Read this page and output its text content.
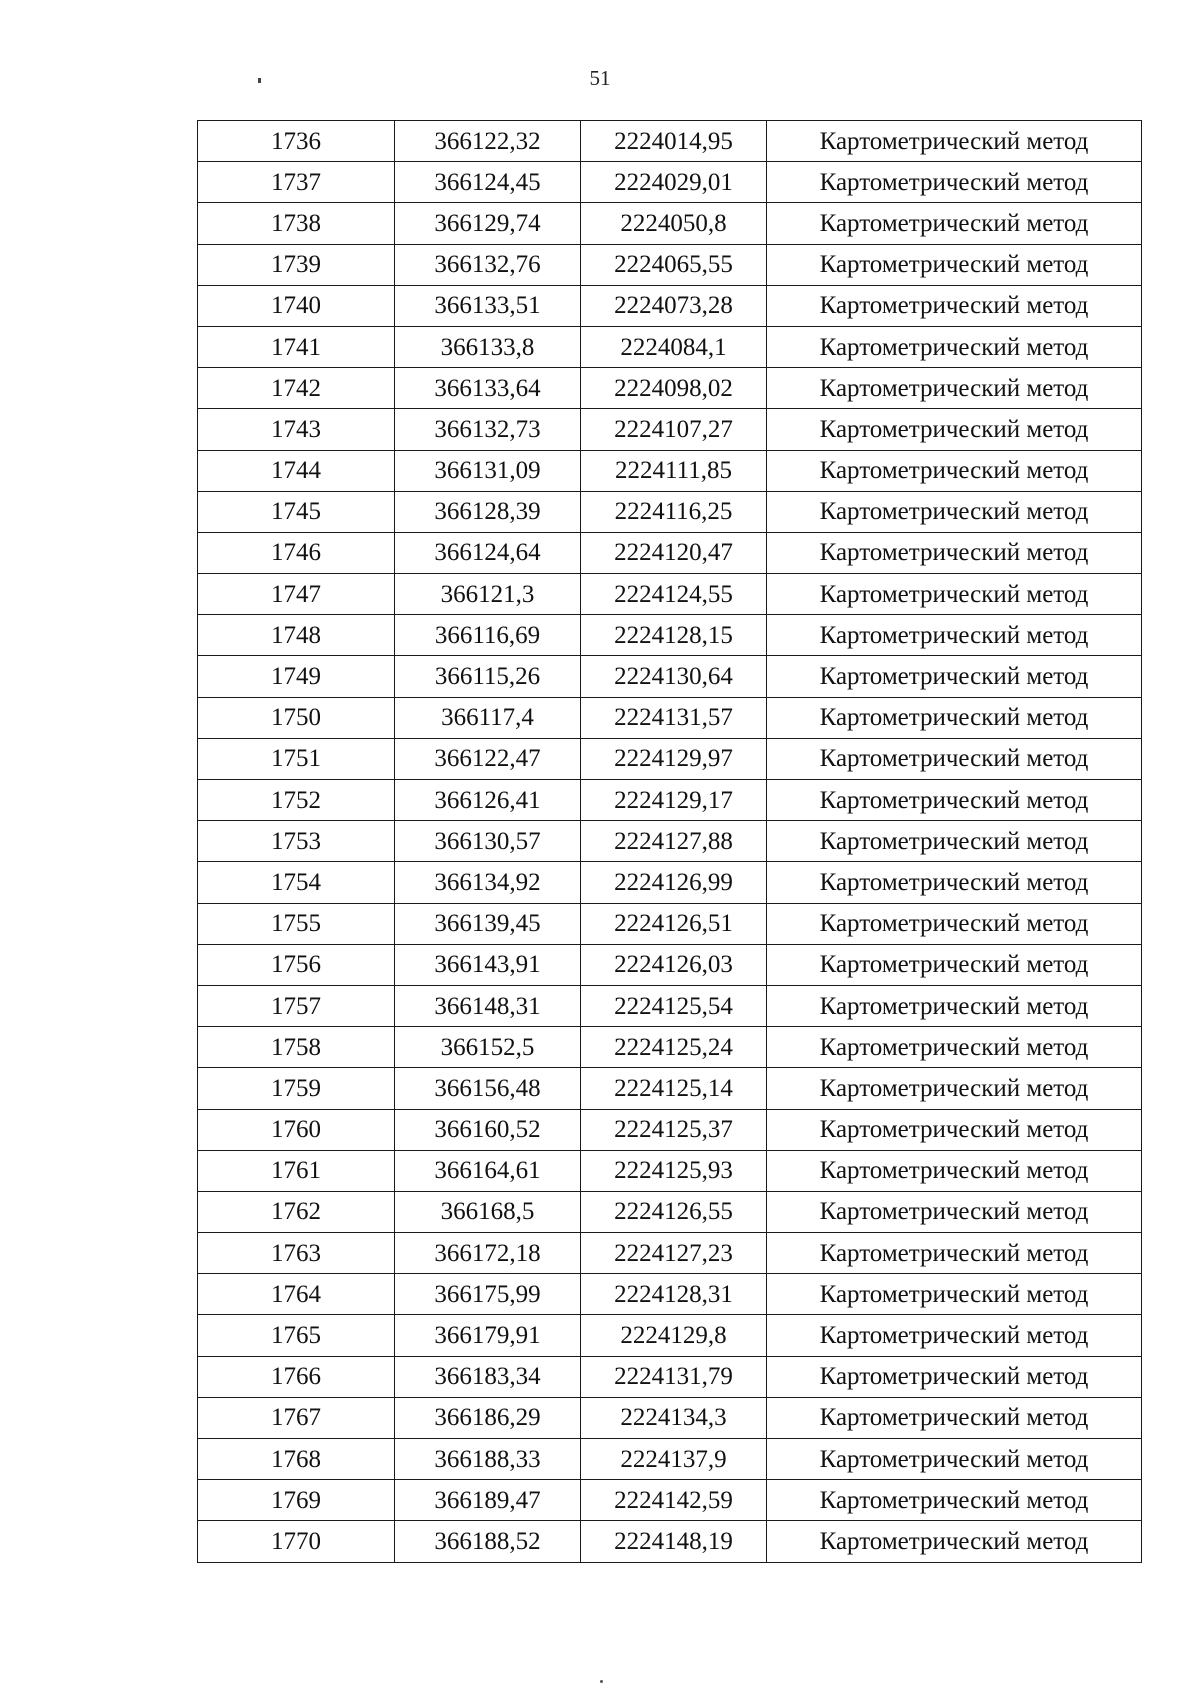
51
1736	366122,32	2224014,95	Картометрический метод
1737	366124,45	2224029,01	Картометрический метод
1738	366129,74	2224050,8	Картометрический метод
1739	366132,76	2224065,55	Картометрический метод
1740	366133,51	2224073,28	Картометрический метод
1741	366133,8	2224084,1	Картометрический метод
1742	366133,64	2224098,02	Картометрический метод
1743	366132,73	2224107,27	Картометрический метод
1744	366131,09	2224111,85	Картометрический метод
1745	366128,39	2224116,25	Картометрический метод
1746	366124,64	2224120,47	Картометрический метод
1747	366121,3	2224124,55	Картометрический метод
1748	366116,69	2224128,15	Картометрический метод
1749	366115,26	2224130,64	Картометрический метод
1750	366117,4	2224131,57	Картометрический метод
1751	366122,47	2224129,97	Картометрический метод
1752	366126,41	2224129,17	Картометрический метод
1753	366130,57	2224127,88	Картометрический метод
1754	366134,92	2224126,99	Картометрический метод
1755	366139,45	2224126,51	Картометрический метод
1756	366143,91	2224126,03	Картометрический метод
1757	366148,31	2224125,54	Картометрический метод
1758	366152,5	2224125,24	Картометрический метод
1759	366156,48	2224125,14	Картометрический метод
1760	366160,52	2224125,37	Картометрический метод
1761	366164,61	2224125,93	Картометрический метод
1762	366168,5	2224126,55	Картометрический метод
1763	366172,18	2224127,23	Картометрический метод
1764	366175,99	2224128,31	Картометрический метод
1765	366179,91	2224129,8	Картометрический метод
1766	366183,34	2224131,79	Картометрический метод
1767	366186,29	2224134,3	Картометрический метод
1768	366188,33	2224137,9	Картометрический метод
1769	366189,47	2224142,59	Картометрический метод
1770	366188,52	2224148,19	Картометрический метод
